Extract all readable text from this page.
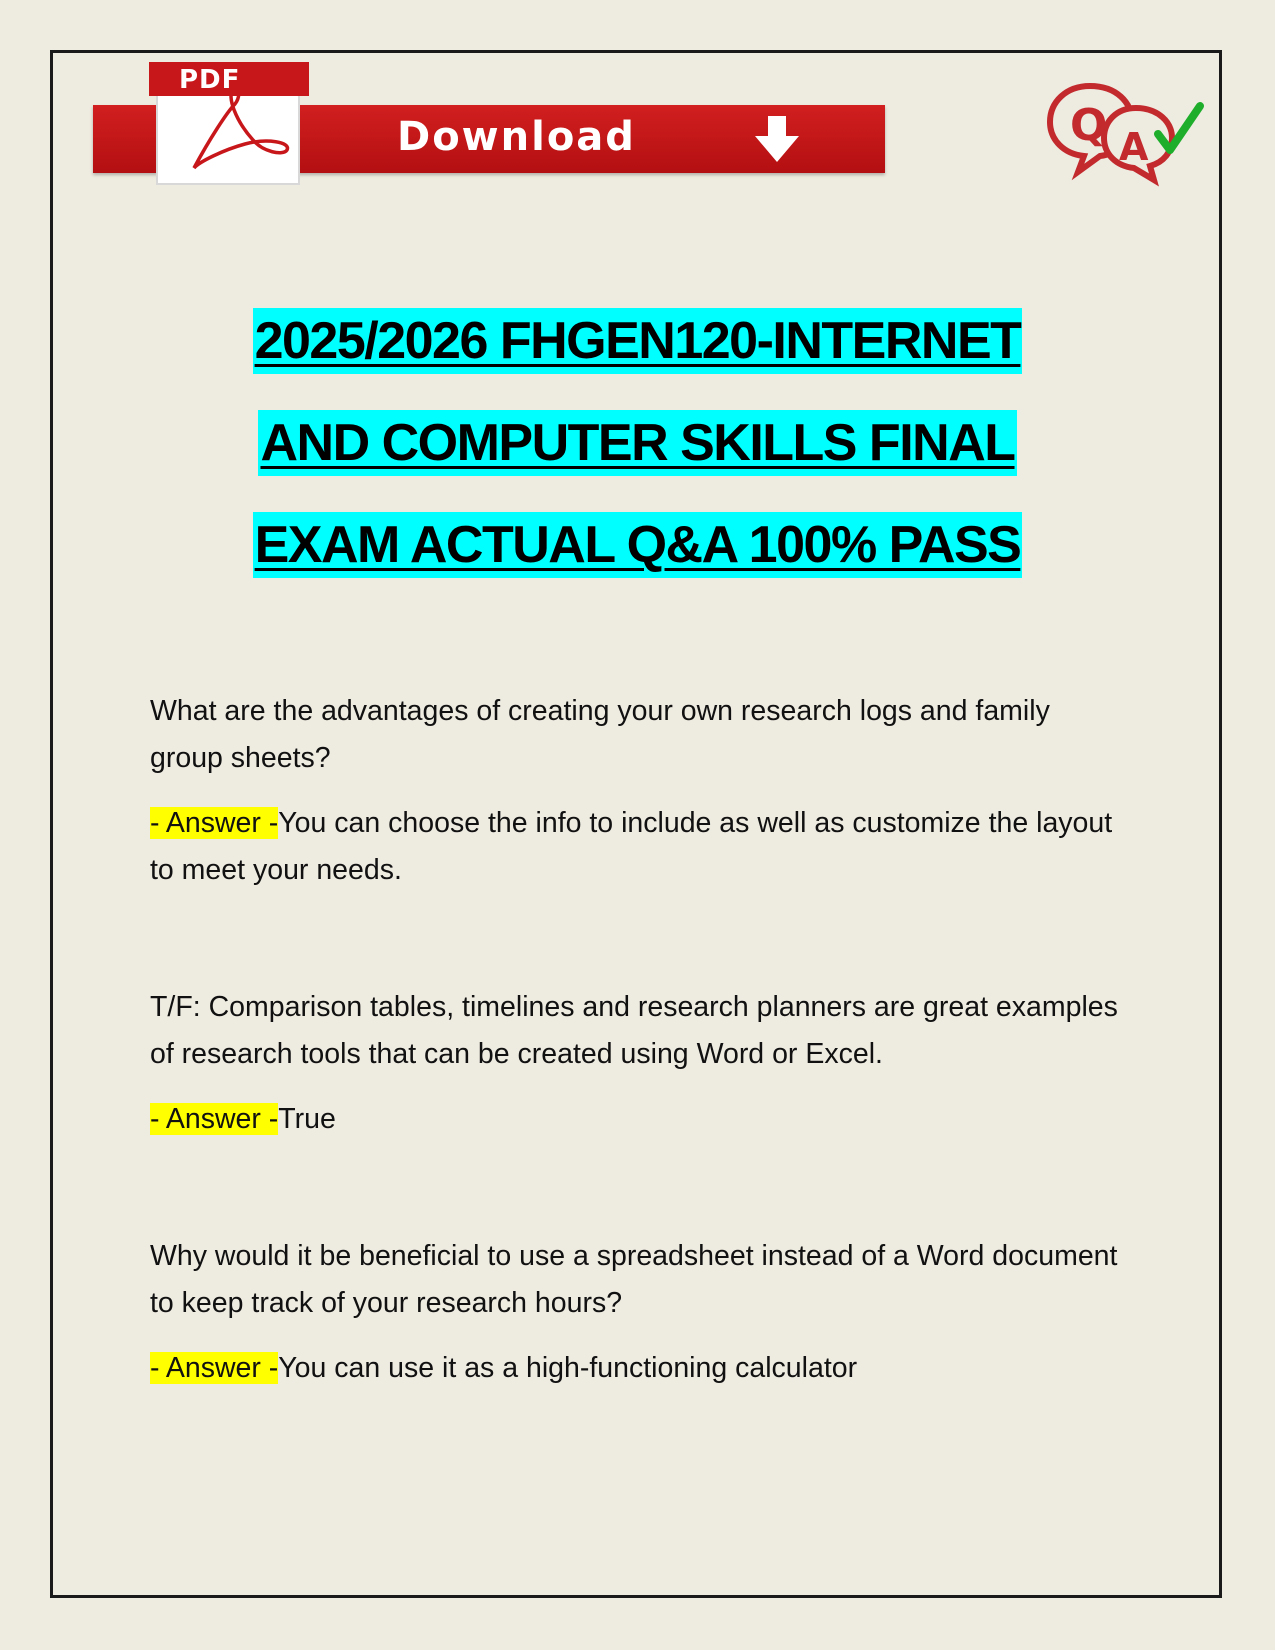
Download
PDF
Q A
2025/2026 FHGEN120-INTERNET
AND COMPUTER SKILLS FINAL
EXAM ACTUAL Q&A 100% PASS

What are the advantages of creating your own research logs and family group sheets?

- Answer -You can choose the info to include as well as customize the layout to meet your needs.

T/F: Comparison tables, timelines and research planners are great examples of research tools that can be created using Word or Excel.

- Answer -True

Why would it be beneficial to use a spreadsheet instead of a Word document to keep track of your research hours?

- Answer -You can use it as a high-functioning calculator
